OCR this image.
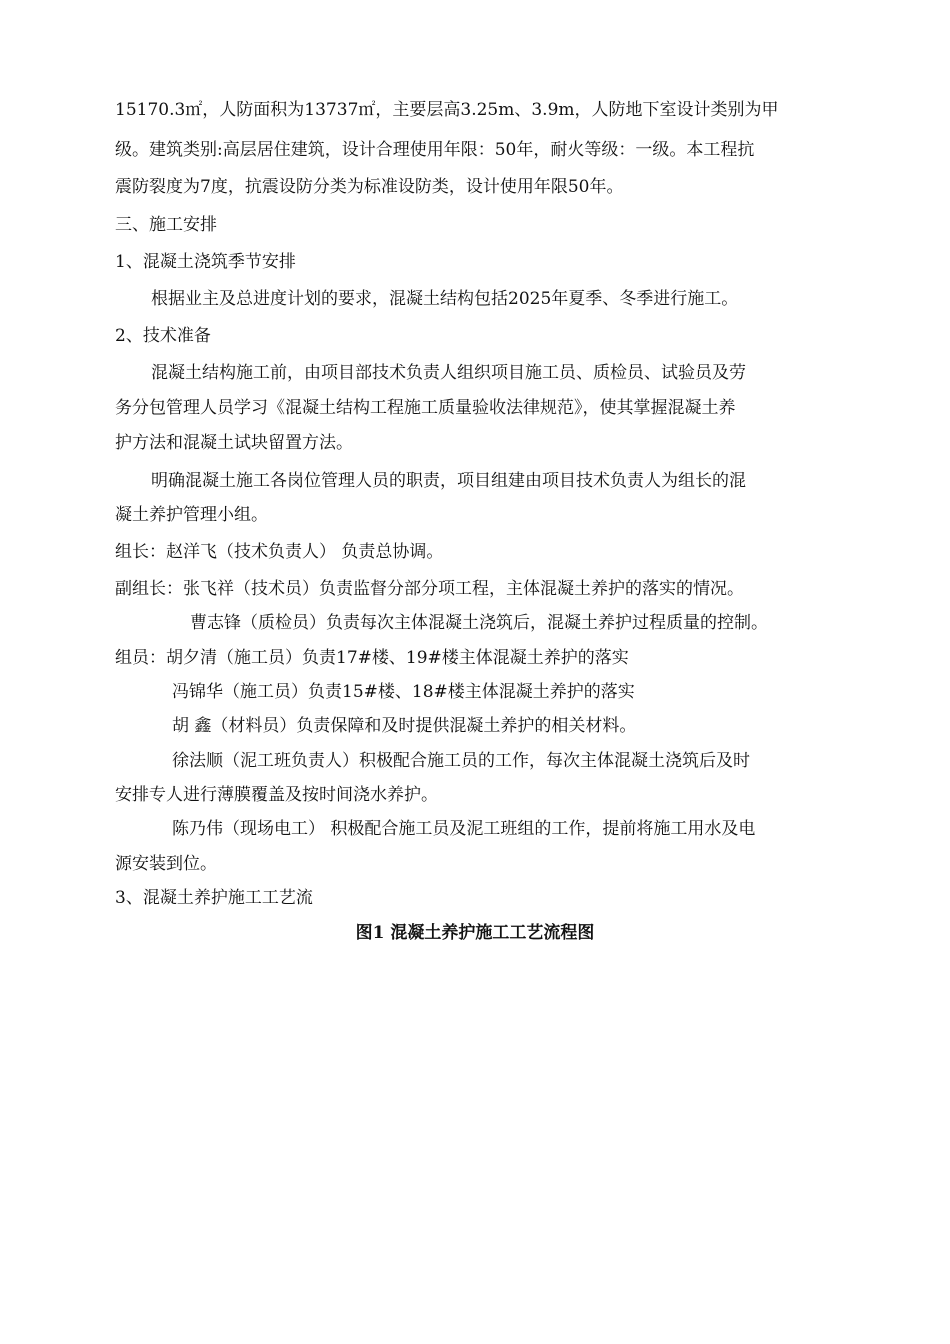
15170.3㎡，人防面积为13737㎡，主要层高3.25m、3.9m，人防地下室设计类别为甲
级。建筑类别:高层居住建筑，设计合理使用年限：50年，耐火等级：一级。本工程抗
震防裂度为7度，抗震设防分类为标准设防类，设计使用年限50年。
三、施工安排
1、混凝土浇筑季节安排
根据业主及总进度计划的要求，混凝土结构包括2025年夏季、冬季进行施工。
2、技术准备
混凝土结构施工前，由项目部技术负责人组织项目施工员、质检员、试验员及劳
务分包管理人员学习《混凝土结构工程施工质量验收法律规范》，使其掌握混凝土养
护方法和混凝土试块留置方法。
明确混凝土施工各岗位管理人员的职责，项目组建由项目技术负责人为组长的混
凝土养护管理小组。
组长：赵洋飞（技术负责人） 负责总协调。
副组长：张飞祥（技术员）负责监督分部分项工程，主体混凝土养护的落实的情况。
曹志锋（质检员）负责每次主体混凝土浇筑后，混凝土养护过程质量的控制。
组员：胡夕清（施工员）负责17#楼、19#楼主体混凝土养护的落实
冯锦华（施工员）负责15#楼、18#楼主体混凝土养护的落实
胡 鑫（材料员）负责保障和及时提供混凝土养护的相关材料。
徐法顺（泥工班负责人）积极配合施工员的工作，每次主体混凝土浇筑后及时
安排专人进行薄膜覆盖及按时间浇水养护。
陈乃伟（现场电工） 积极配合施工员及泥工班组的工作，提前将施工用水及电
源安装到位。
3、混凝土养护施工工艺流
图1 混凝土养护施工工艺流程图
